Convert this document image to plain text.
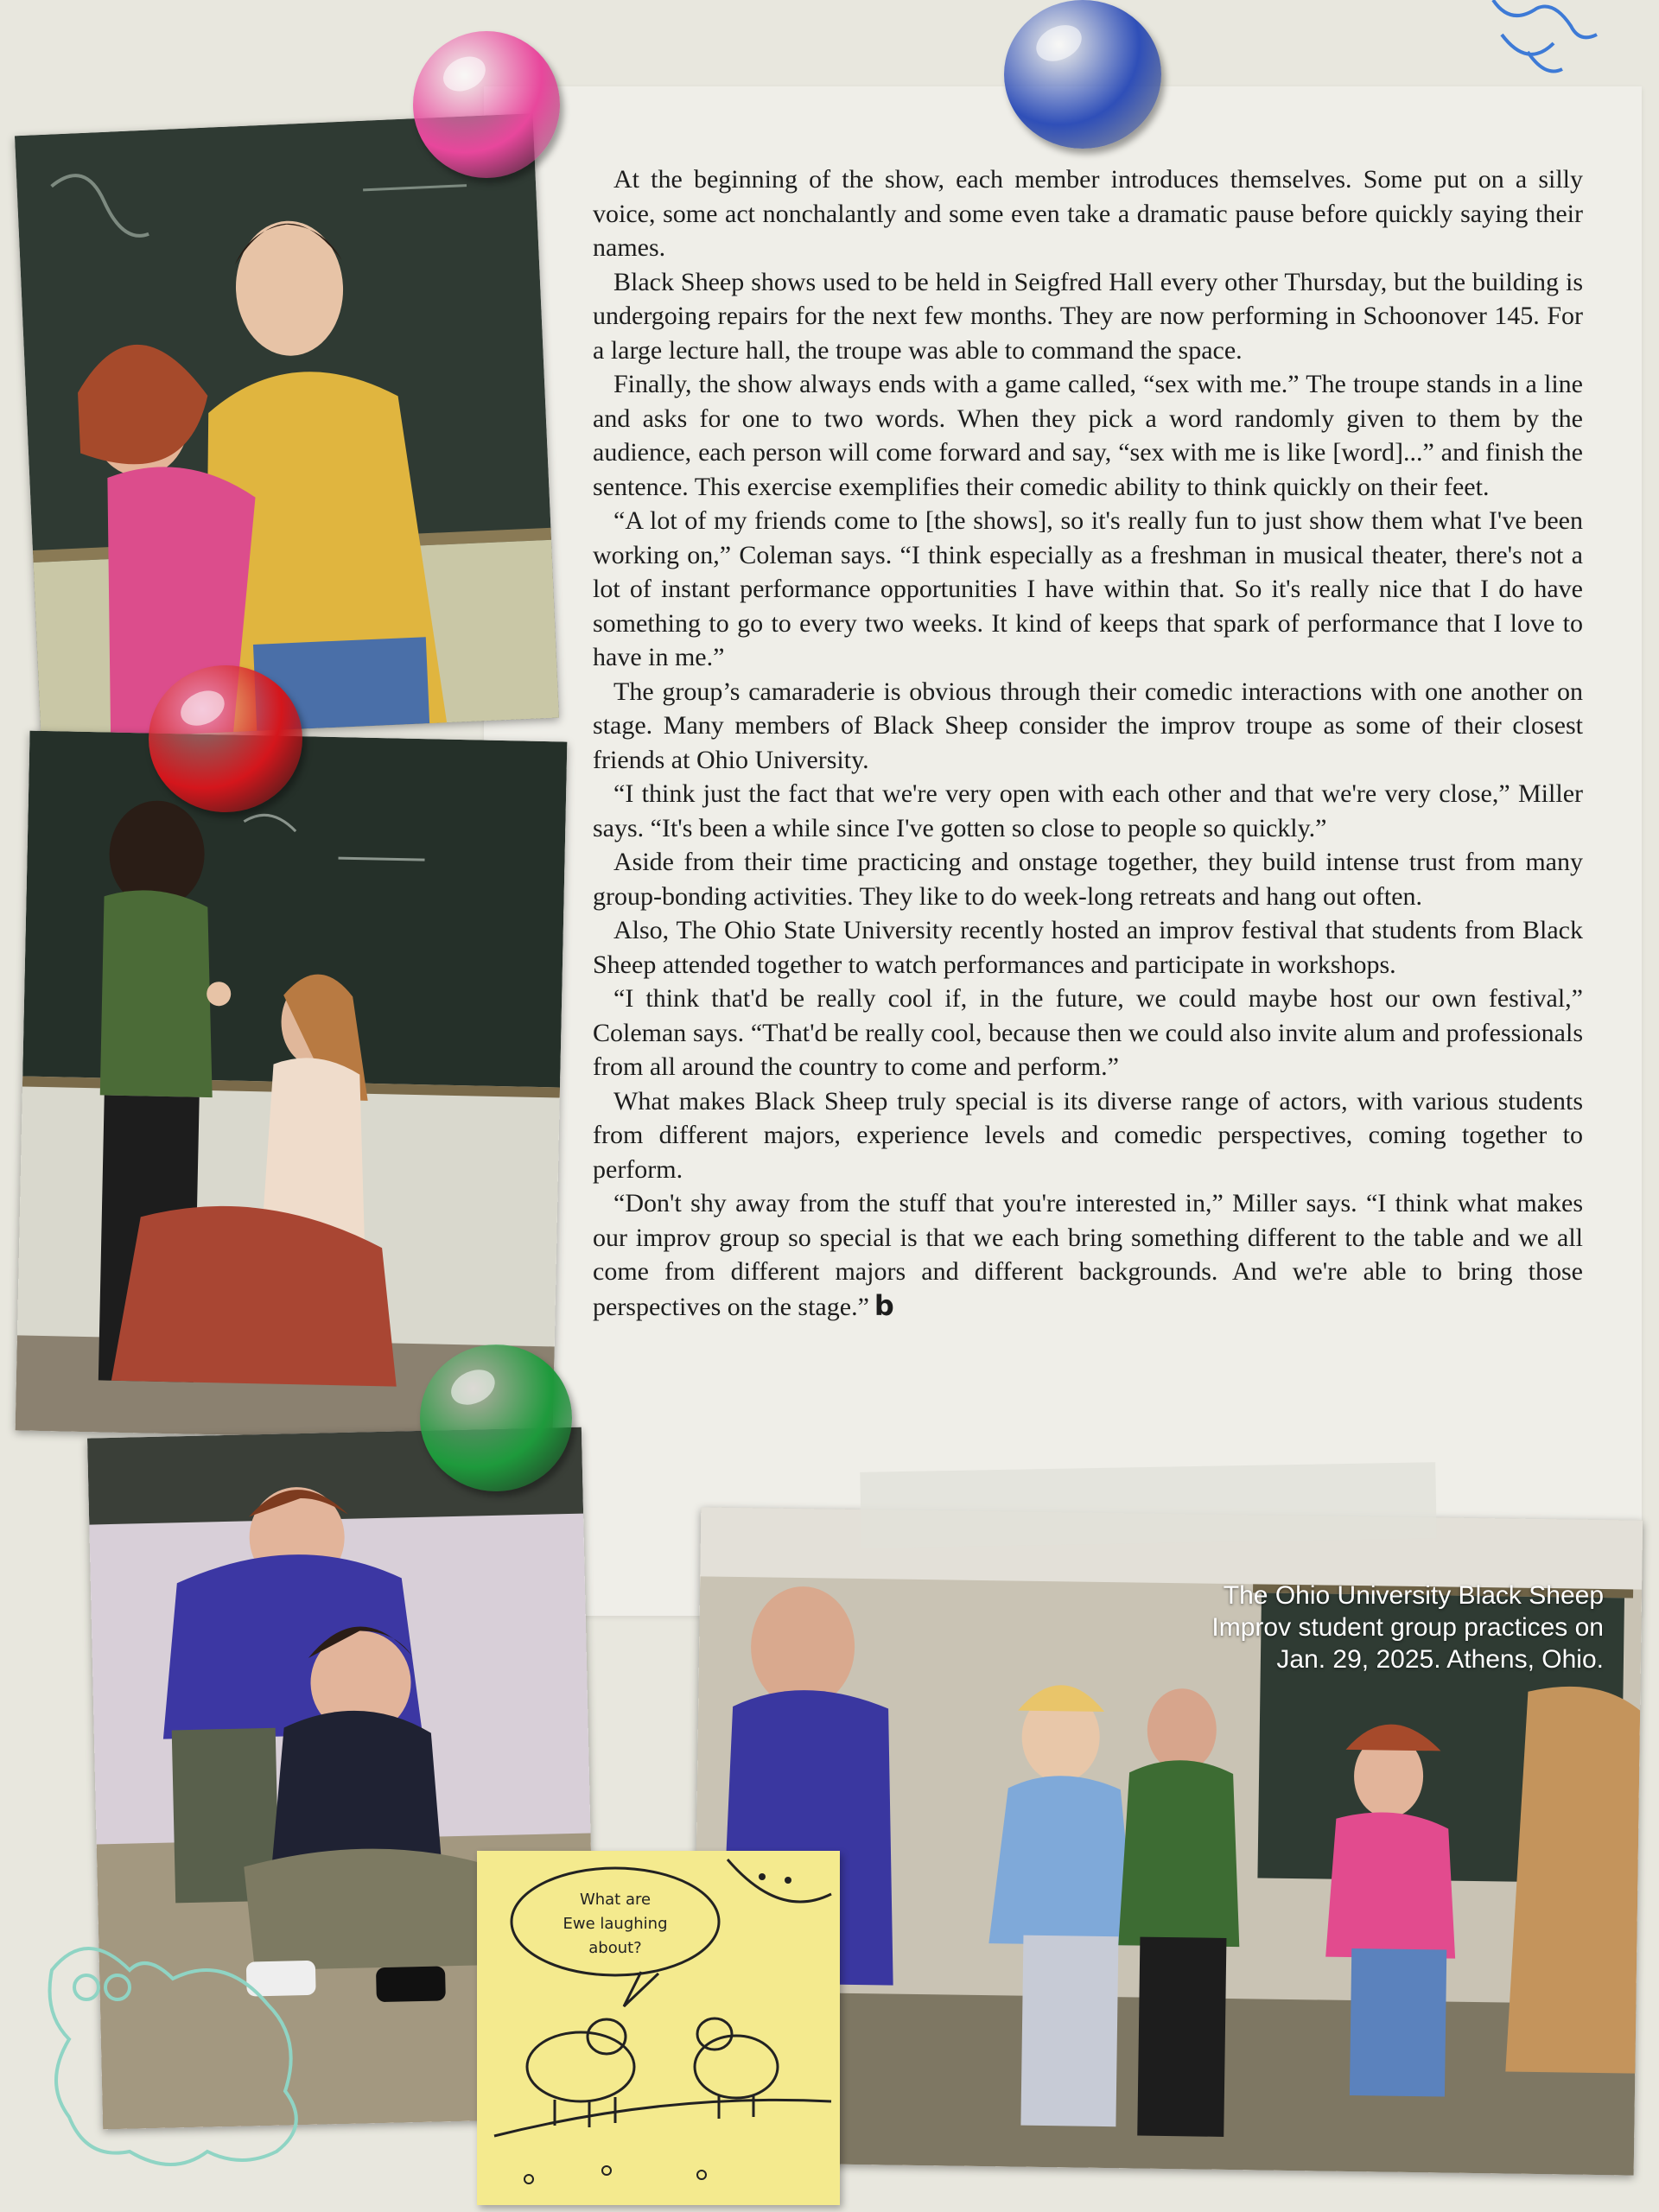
At the beginning of the show, each member introduces themselves. Some put on a silly voice, some act nonchalantly and some even take a dramatic pause before quickly saying their names.

Black Sheep shows used to be held in Seigfred Hall every other Thursday, but the building is undergoing repairs for the next few months. They are now performing in Schoonover 145. For a large lecture hall, the troupe was able to command the space.

Finally, the show always ends with a game called, “sex with me.” The troupe stands in a line and asks for one to two words. When they pick a word randomly given to them by the audience, each person will come forward and say, “sex with me is like [word]...” and finish the sentence. This exercise exemplifies their comedic ability to think quickly on their feet.

“A lot of my friends come to [the shows], so it's really fun to just show them what I've been working on,” Coleman says. “I think especially as a freshman in musical theater, there's not a lot of instant performance opportunities I have within that. So it's really nice that I do have something to go to every two weeks. It kind of keeps that spark of performance that I love to have in me.”

The group’s camaraderie is obvious through their comedic interactions with one another on stage. Many members of Black Sheep consider the improv troupe as some of their closest friends at Ohio University.

“I think just the fact that we're very open with each other and that we're very close,” Miller says. “It's been a while since I've gotten so close to people so quickly.”

Aside from their time practicing and onstage together, they build intense trust from many group-bonding activities. They like to do week-long retreats and hang out often.

Also, The Ohio State University recently hosted an improv festival that students from Black Sheep attended together to watch performances and participate in workshops.

“I think that'd be really cool if, in the future, we could maybe host our own festival,” Coleman says. “That'd be really cool, because then we could also invite alum and professionals from all around the country to come and perform.”

What makes Black Sheep truly special is its diverse range of actors, with various students from different majors, experience levels and comedic perspectives, coming together to perform.

“Don't shy away from the stuff that you're interested in,” Miller says. “I think what makes our improv group so special is that we each bring something different to the table and we all come from different majors and different backgrounds. And we're able to bring those perspectives on the stage.” b

The Ohio University Black Sheep
Improv student group practices on
Jan. 29, 2025. Athens, Ohio.
What are
Ewe laughing
about?
